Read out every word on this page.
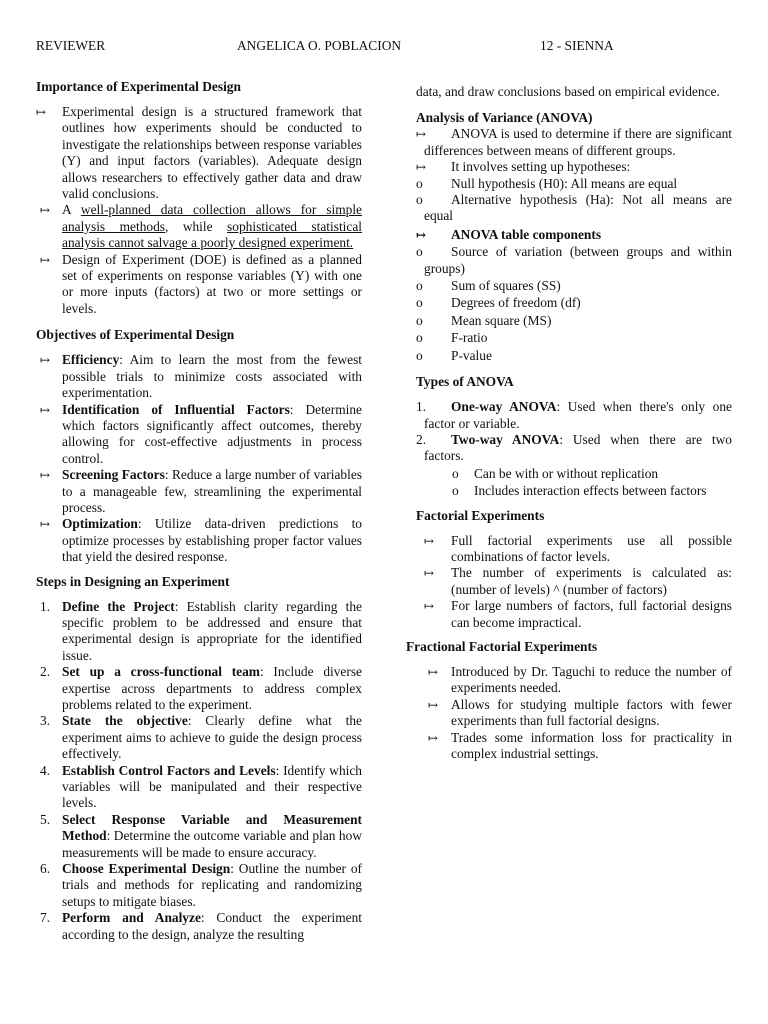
REVIEWER	ANGELICA O. POBLACION	12 - SIENNA

Importance of Experimental Design

↦ Experimental design is a structured framework that outlines how experiments should be conducted to investigate the relationships between response variables (Y) and input factors (variables). Adequate design allows researchers to effectively gather data and draw valid conclusions.
↦ A well-planned data collection allows for simple analysis methods, while sophisticated statistical analysis cannot salvage a poorly designed experiment.
↦ Design of Experiment (DOE) is defined as a planned set of experiments on response variables (Y) with one or more inputs (factors) at two or more settings or levels.

Objectives of Experimental Design

↦ Efficiency: Aim to learn the most from the fewest possible trials to minimize costs associated with experimentation.
↦ Identification of Influential Factors: Determine which factors significantly affect outcomes, thereby allowing for cost-effective adjustments in process control.
↦ Screening Factors: Reduce a large number of variables to a manageable few, streamlining the experimental process.
↦ Optimization: Utilize data-driven predictions to optimize processes by establishing proper factor values that yield the desired response.

Steps in Designing an Experiment

1. Define the Project: Establish clarity regarding the specific problem to be addressed and ensure that experimental design is appropriate for the identified issue.
2. Set up a cross-functional team: Include diverse expertise across departments to address complex problems related to the experiment.
3. State the objective: Clearly define what the experiment aims to achieve to guide the design process effectively.
4. Establish Control Factors and Levels: Identify which variables will be manipulated and their respective levels.
5. Select Response Variable and Measurement Method: Determine the outcome variable and plan how measurements will be made to ensure accuracy.
6. Choose Experimental Design: Outline the number of trials and methods for replicating and randomizing setups to mitigate biases.
7. Perform and Analyze: Conduct the experiment according to the design, analyze the resulting
data, and draw conclusions based on empirical evidence.

Analysis of Variance (ANOVA)

↦ ANOVA is used to determine if there are significant differences between means of different groups.
↦ It involves setting up hypotheses:
o Null hypothesis (H0): All means are equal
o Alternative hypothesis (Ha): Not all means are equal
↦ ANOVA table components
o Source of variation (between groups and within groups)
o Sum of squares (SS)
o Degrees of freedom (df)
o Mean square (MS)
o F-ratio
o P-value

Types of ANOVA

1. One-way ANOVA: Used when there's only one factor or variable.
2. Two-way ANOVA: Used when there are two factors.
o Can be with or without replication
o Includes interaction effects between factors

Factorial Experiments

↦ Full factorial experiments use all possible combinations of factor levels.
↦ The number of experiments is calculated as: (number of levels) ^ (number of factors)
↦ For large numbers of factors, full factorial designs can become impractical.

Fractional Factorial Experiments

↦ Introduced by Dr. Taguchi to reduce the number of experiments needed.
↦ Allows for studying multiple factors with fewer experiments than full factorial designs.
↦ Trades some information loss for practicality in complex industrial settings.
